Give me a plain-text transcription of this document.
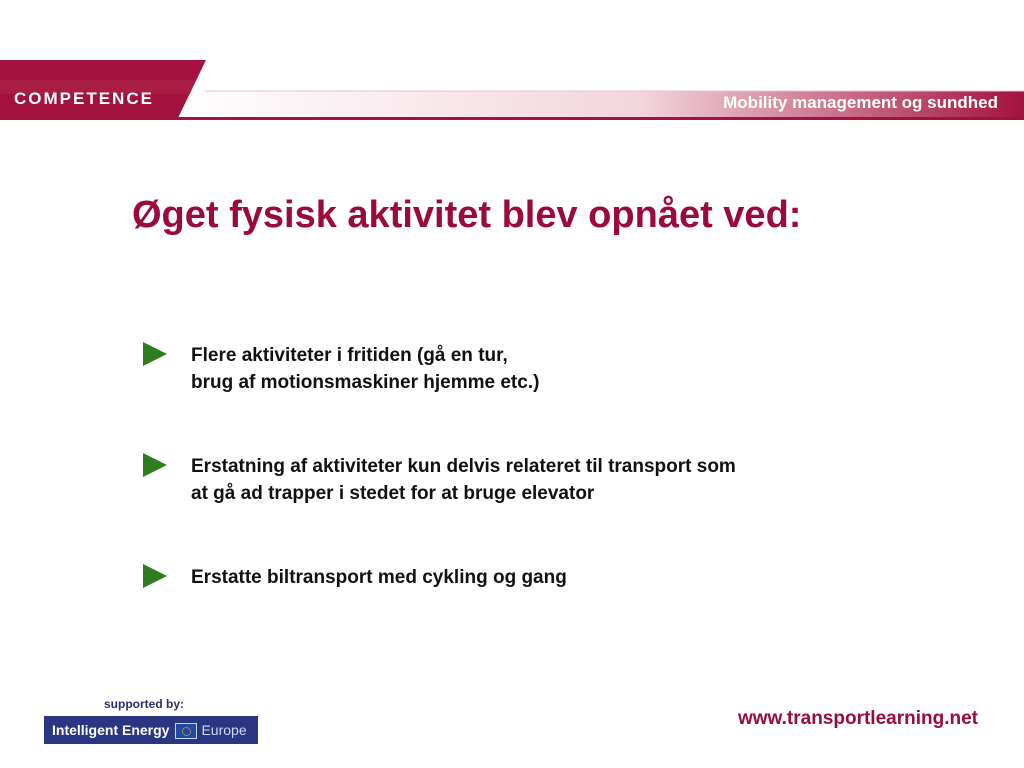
COMPETENCE	Mobility management og sundhed
Øget fysisk aktivitet blev opnået ved:
Flere aktiviteter i fritiden (gå en tur,
brug af motionsmaskiner hjemme etc.)
Erstatning af aktiviteter kun delvis relateret til transport som
at gå ad trapper i stedet for at bruge elevator
Erstatte biltransport med cykling og gang
supported by:
Intelligent Energy Europe
www.transportlearning.net
